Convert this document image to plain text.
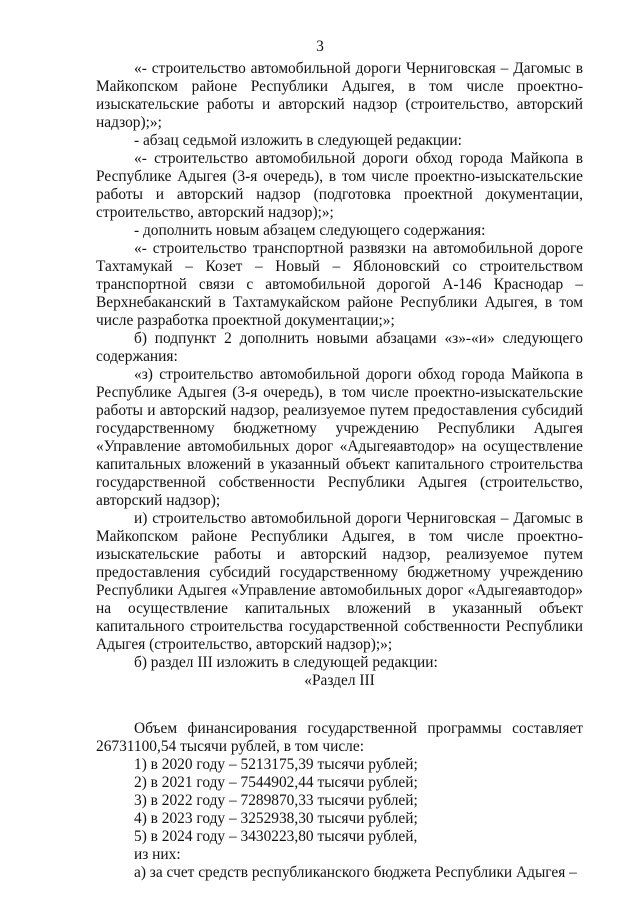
3

«- строительство автомобильной дороги Черниговская – Дагомыс в Майкопском районе Республики Адыгея, в том числе проектно-изыскательские работы и авторский надзор (строительство, авторский надзор);»;

- абзац седьмой изложить в следующей редакции:

«- строительство автомобильной дороги обход города Майкопа в Республике Адыгея (3-я очередь), в том числе проектно-изыскательские работы и авторский надзор (подготовка проектной документации, строительство, авторский надзор);»;

- дополнить новым абзацем следующего содержания:

«- строительство транспортной развязки на автомобильной дороге Тахтамукай – Козет – Новый – Яблоновский со строительством транспортной связи с автомобильной дорогой А-146 Краснодар – Верхнебаканский в Тахтамукайском районе Республики Адыгея, в том числе разработка проектной документации;»;

б) подпункт 2 дополнить новыми абзацами «з»-«и» следующего содержания:

«з) строительство автомобильной дороги обход города Майкопа в Республике Адыгея (3-я очередь), в том числе проектно-изыскательские работы и авторский надзор, реализуемое путем предоставления субсидий государственному бюджетному учреждению Республики Адыгея «Управление автомобильных дорог «Адыгеяавтодор» на осуществление капитальных вложений в указанный объект капитального строительства государственной собственности Республики Адыгея (строительство, авторский надзор);

и) строительство автомобильной дороги Черниговская – Дагомыс в Майкопском районе Республики Адыгея, в том числе проектно-изыскательские работы и авторский надзор, реализуемое путем предоставления субсидий государственному бюджетному учреждению Республики Адыгея «Управление автомобильных дорог «Адыгеяавтодор» на осуществление капитальных вложений в указанный объект капитального строительства государственной собственности Республики Адыгея (строительство, авторский надзор);»;

б) раздел III изложить в следующей редакции:

«Раздел III

Объем финансирования государственной программы составляет 26731100,54 тысячи рублей, в том числе:

1) в 2020 году – 5213175,39 тысячи рублей;

2) в 2021 году – 7544902,44 тысячи рублей;

3) в 2022 году – 7289870,33 тысячи рублей;

4) в 2023 году – 3252938,30 тысячи рублей;

5) в 2024 году – 3430223,80 тысячи рублей,

из них:

а) за счет средств республиканского бюджета Республики Адыгея –
